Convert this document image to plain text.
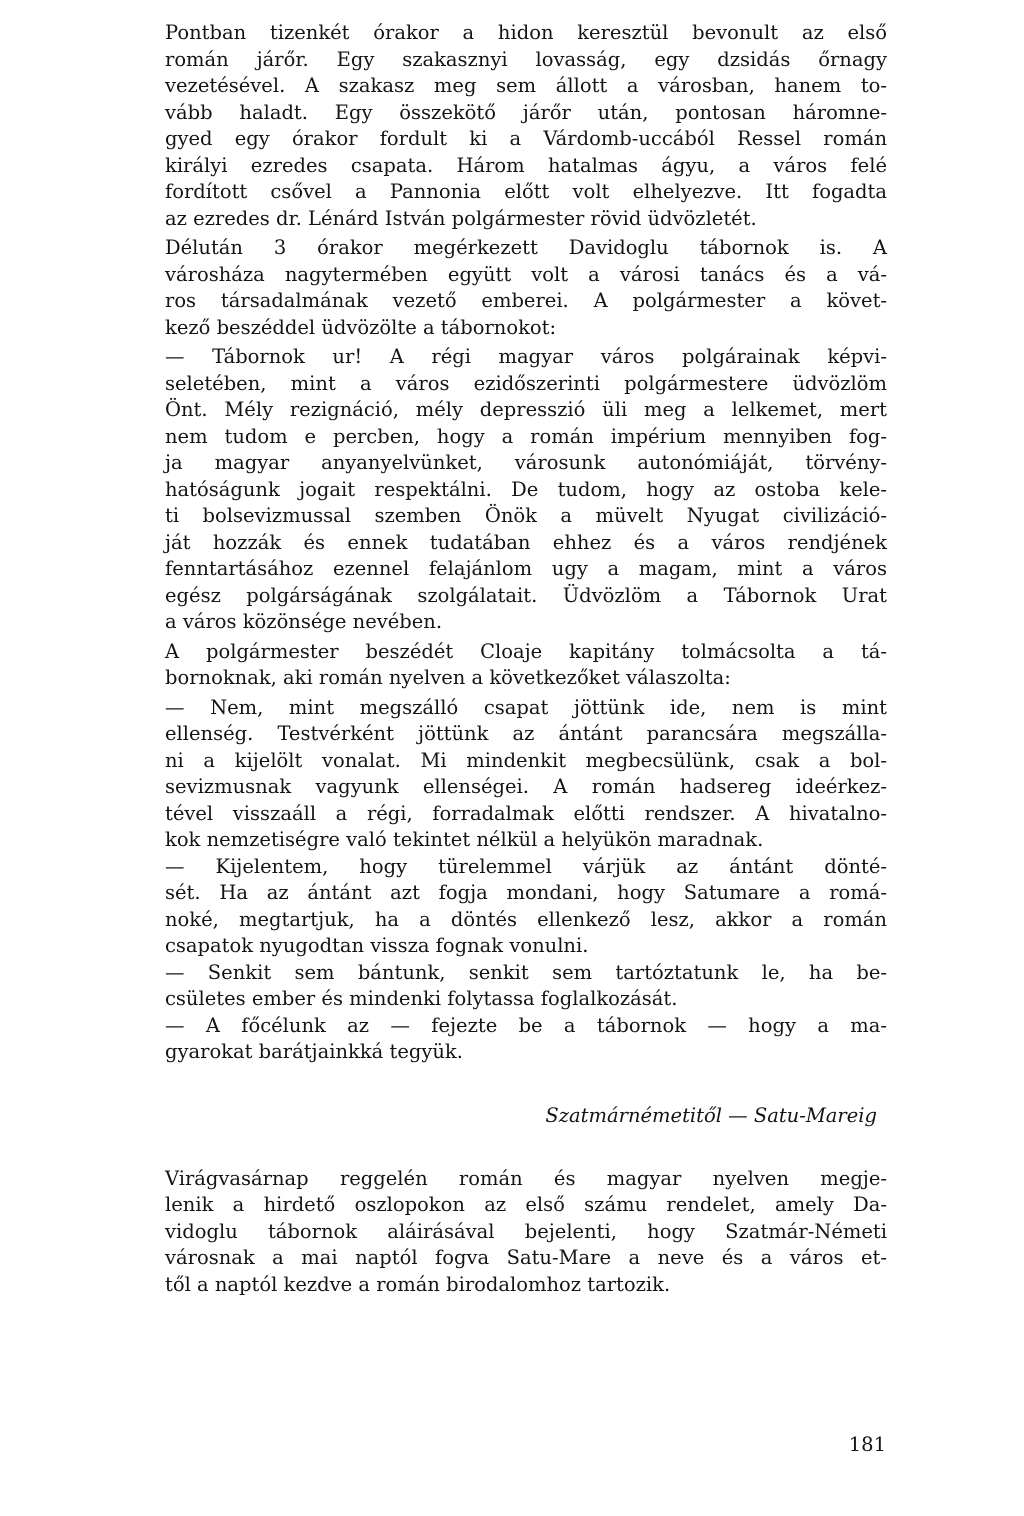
Pontban tizenkét órakor a hidon keresztül bevonult az első
román járőr. Egy szakasznyi lovasság, egy dzsidás őrnagy
vezetésével. A szakasz meg sem állott a városban, hanem to-
vább haladt. Egy összekötő járőr után, pontosan háromne-
gyed egy órakor fordult ki a Várdomb-uccából Ressel román
királyi ezredes csapata. Három hatalmas ágyu, a város felé
fordított csővel a Pannonia előtt volt elhelyezve. Itt fogadta
az ezredes dr. Lénárd István polgármester rövid üdvözletét.
Délután 3 órakor megérkezett Davidoglu tábornok is. A
városháza nagytermében együtt volt a városi tanács és a vá-
ros társadalmának vezető emberei. A polgármester a követ-
kező beszéddel üdvözölte a tábornokot:
— Tábornok ur! A régi magyar város polgárainak képvi-
seletében, mint a város ezidőszerinti polgármestere üdvözlöm
Önt. Mély rezignáció, mély depresszió üli meg a lelkemet, mert
nem tudom e percben, hogy a román impérium mennyiben fog-
ja magyar anyanyelvünket, városunk autonómiáját, törvény-
hatóságunk jogait respektálni. De tudom, hogy az ostoba kele-
ti bolsevizmussal szemben Önök a müvelt Nyugat civilizáció-
ját hozzák és ennek tudatában ehhez és a város rendjének
fenntartásához ezennel felajánlom ugy a magam, mint a város
egész polgárságának szolgálatait. Üdvözlöm a Tábornok Urat
a város közönsége nevében.
A polgármester beszédét Cloaje kapitány tolmácsolta a tá-
bornoknak, aki román nyelven a következőket válaszolta:
— Nem, mint megszálló csapat jöttünk ide, nem is mint
ellenség. Testvérként jöttünk az ántánt parancsára megszálla-
ni a kijelölt vonalat. Mi mindenkit megbecsülünk, csak a bol-
sevizmusnak vagyunk ellenségei. A román hadsereg ideérkez-
tével visszaáll a régi, forradalmak előtti rendszer. A hivatalno-
kok nemzetiségre való tekintet nélkül a helyükön maradnak.
— Kijelentem, hogy türelemmel várjük az ántánt dönté-
sét. Ha az ántánt azt fogja mondani, hogy Satumare a romá-
noké, megtartjuk, ha a döntés ellenkező lesz, akkor a román
csapatok nyugodtan vissza fognak vonulni.
— Senkit sem bántunk, senkit sem tartóztatunk le, ha be-
csületes ember és mindenki folytassa foglalkozását.
— A főcélunk az — fejezte be a tábornok — hogy a ma-
gyarokat barátjainkká tegyük.
Szatmárnémetitől — Satu-Mareig
Virágvasárnap reggelén román és magyar nyelven megje-
lenik a hirdető oszlopokon az első számu rendelet, amely Da-
vidoglu tábornok aláirásával bejelenti, hogy Szatmár-Németi
városnak a mai naptól fogva Satu-Mare a neve és a város et-
től a naptól kezdve a román birodalomhoz tartozik.
181
